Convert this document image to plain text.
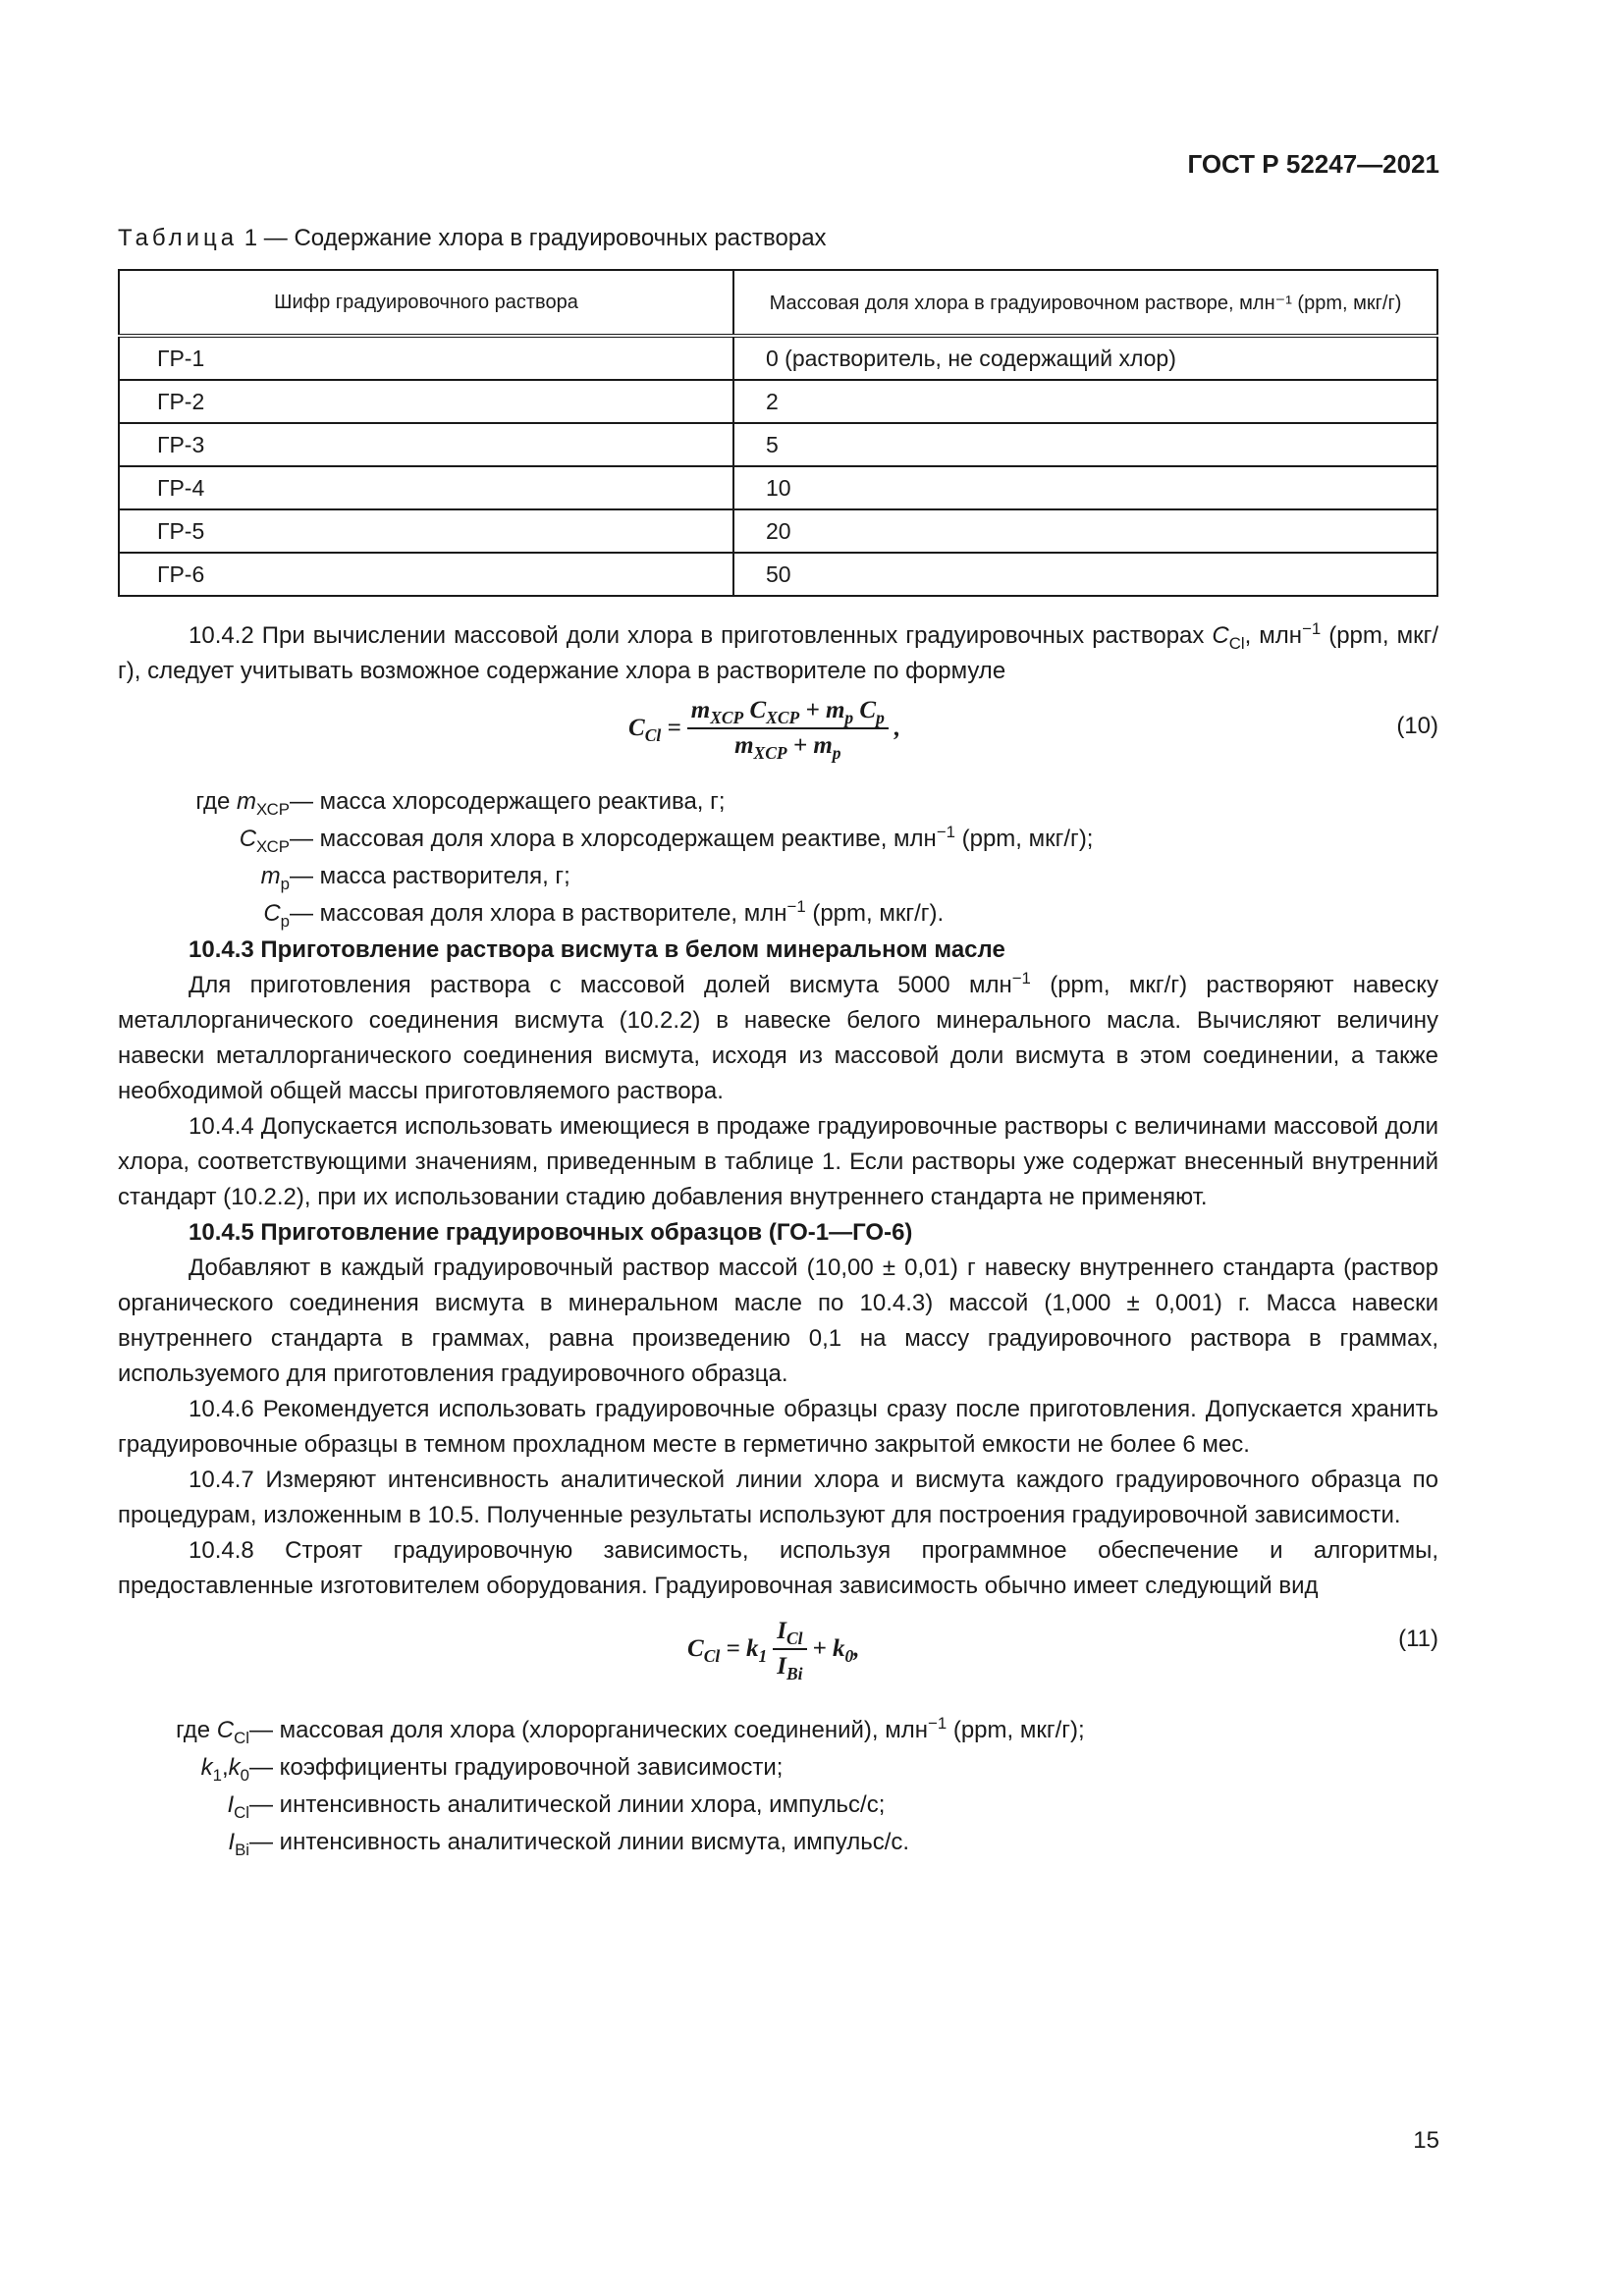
ГОСТ Р 52247—2021
Таблица 1 — Содержание хлора в градуировочных растворах
Шифр градуировочного раствора	Массовая доля хлора в градуировочном растворе, млн⁻¹ (ppm, мкг/г)
ГР-1	0 (растворитель, не содержащий хлор)
ГР-2	2
ГР-3	5
ГР-4	10
ГР-5	20
ГР-6	50

10.4.2 При вычислении массовой доли хлора в приготовленных градуировочных растворах $C_{Cl}$, млн$^{-1}$ (ppm, мкг/г), следует учитывать возможное содержание хлора в растворителе по формуле

$C_{Cl} = \frac{m_{XCP} C_{XCP} + m_p C_p}{m_{XCP} + m_p}$ ,	(10)
где $m_{ХСР}$ — масса хлорсодержащего реактива, г;
$C_{ХСР}$ — массовая доля хлора в хлорсодержащем реактиве, млн$^{-1}$ (ppm, мкг/г);
$m_р$ — масса растворителя, г;
$C_р$ — массовая доля хлора в растворителе, млн$^{-1}$ (ppm, мкг/г).

10.4.3 Приготовление раствора висмута в белом минеральном масле

Для приготовления раствора с массовой долей висмута 5000 млн$^{-1}$ (ppm, мкг/г) растворяют навеску металлорганического соединения висмута (10.2.2) в навеске белого минерального масла. Вычисляют величину навески металлорганического соединения висмута, исходя из массовой доли висмута в этом соединении, а также необходимой общей массы приготовляемого раствора.

10.4.4 Допускается использовать имеющиеся в продаже градуировочные растворы с величинами массовой доли хлора, соответствующими значениям, приведенным в таблице 1. Если растворы уже содержат внесенный внутренний стандарт (10.2.2), при их использовании стадию добавления внутреннего стандарта не применяют.

10.4.5 Приготовление градуировочных образцов (ГО-1—ГО-6)

Добавляют в каждый градуировочный раствор массой (10,00 ± 0,01) г навеску внутреннего стандарта (раствор органического соединения висмута в минеральном масле по 10.4.3) массой (1,000 ± 0,001) г. Масса навески внутреннего стандарта в граммах, равна произведению 0,1 на массу градуировочного раствора в граммах, используемого для приготовления градуировочного образца.

10.4.6 Рекомендуется использовать градуировочные образцы сразу после приготовления. Допускается хранить градуировочные образцы в темном прохладном месте в герметично закрытой емкости не более 6 мес.

10.4.7 Измеряют интенсивность аналитической линии хлора и висмута каждого градуировочного образца по процедурам, изложенным в 10.5. Полученные результаты используют для построения градуировочной зависимости.

10.4.8 Строят градуировочную зависимость, используя программное обеспечение и алгоритмы, предоставленные изготовителем оборудования. Градуировочная зависимость обычно имеет следующий вид

$C_{Cl} = k_1 \frac{I_{Cl}}{I_{Bi}} + k_0$,	(11)
где $C_{Cl}$ — массовая доля хлора (хлорорганических соединений), млн$^{-1}$ (ppm, мкг/г);
$k_1,k_0$ — коэффициенты градуировочной зависимости;
$I_{Cl}$ — интенсивность аналитической линии хлора, импульс/с;
$I_{Bi}$ — интенсивность аналитической линии висмута, импульс/с.
15
